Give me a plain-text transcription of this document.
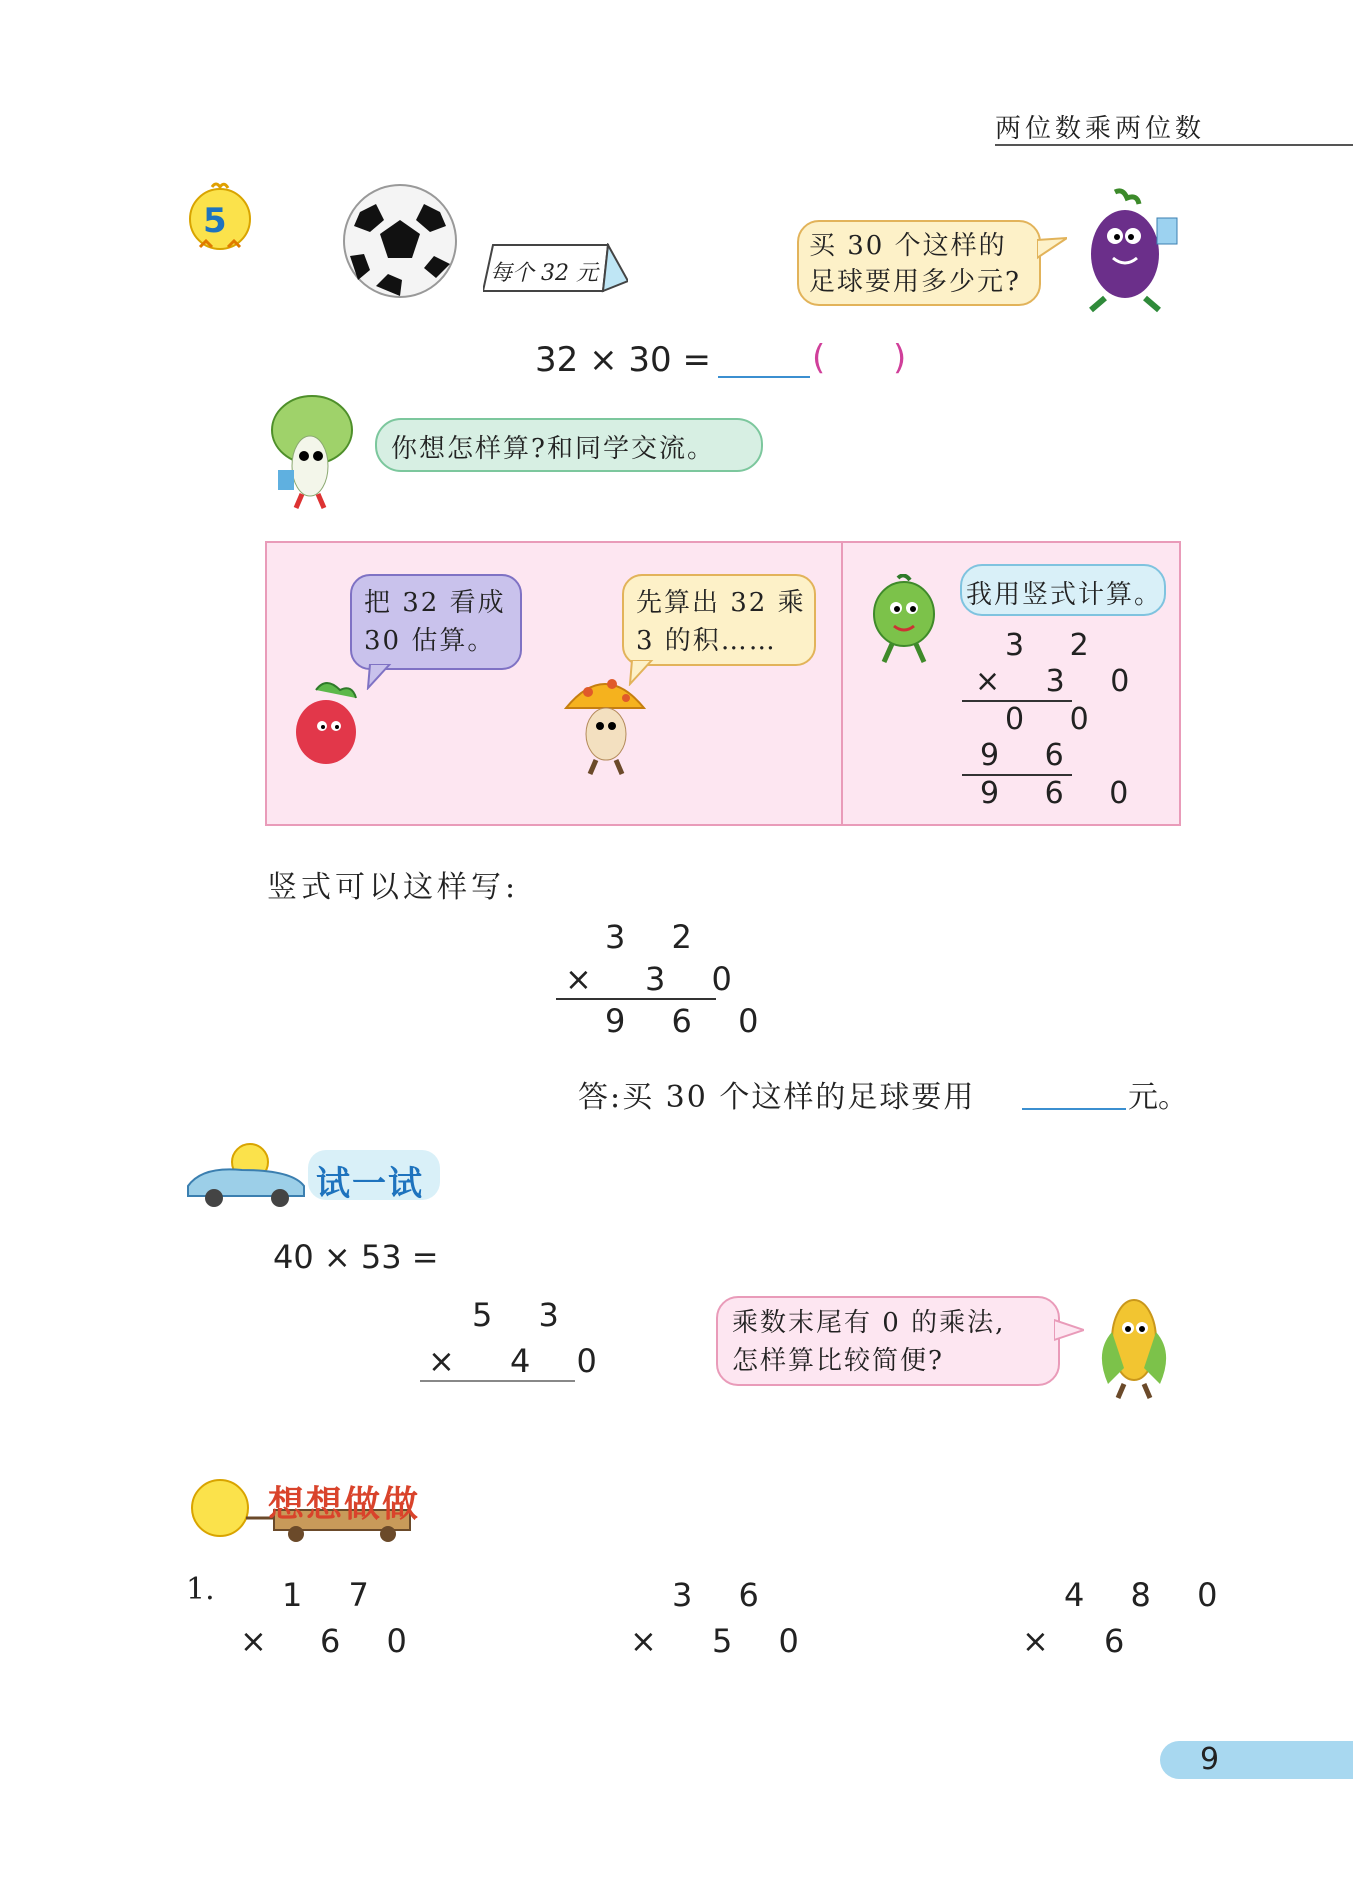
两位数乘两位数
5
每个 32 元
买 30 个这样的
足球要用多少元?
32 × 30 =	( )
你想怎样算?和同学交流。
把 32 看成
30 估算。
先算出 32 乘
3 的积……
我用竖式计算。
3 2
× 3 0
0 0
9 6
9 6 0
竖式可以这样写:
3 2
× 3 0
9 6 0
答:买 30 个这样的足球要用	元。
试一试
40 × 53 =
5 3
× 4 0
乘数末尾有 0 的乘法,
怎样算比较简便?
想想做做
1. 1 7
× 6 0
3 6
× 5 0
4 8 0
× 6
9
